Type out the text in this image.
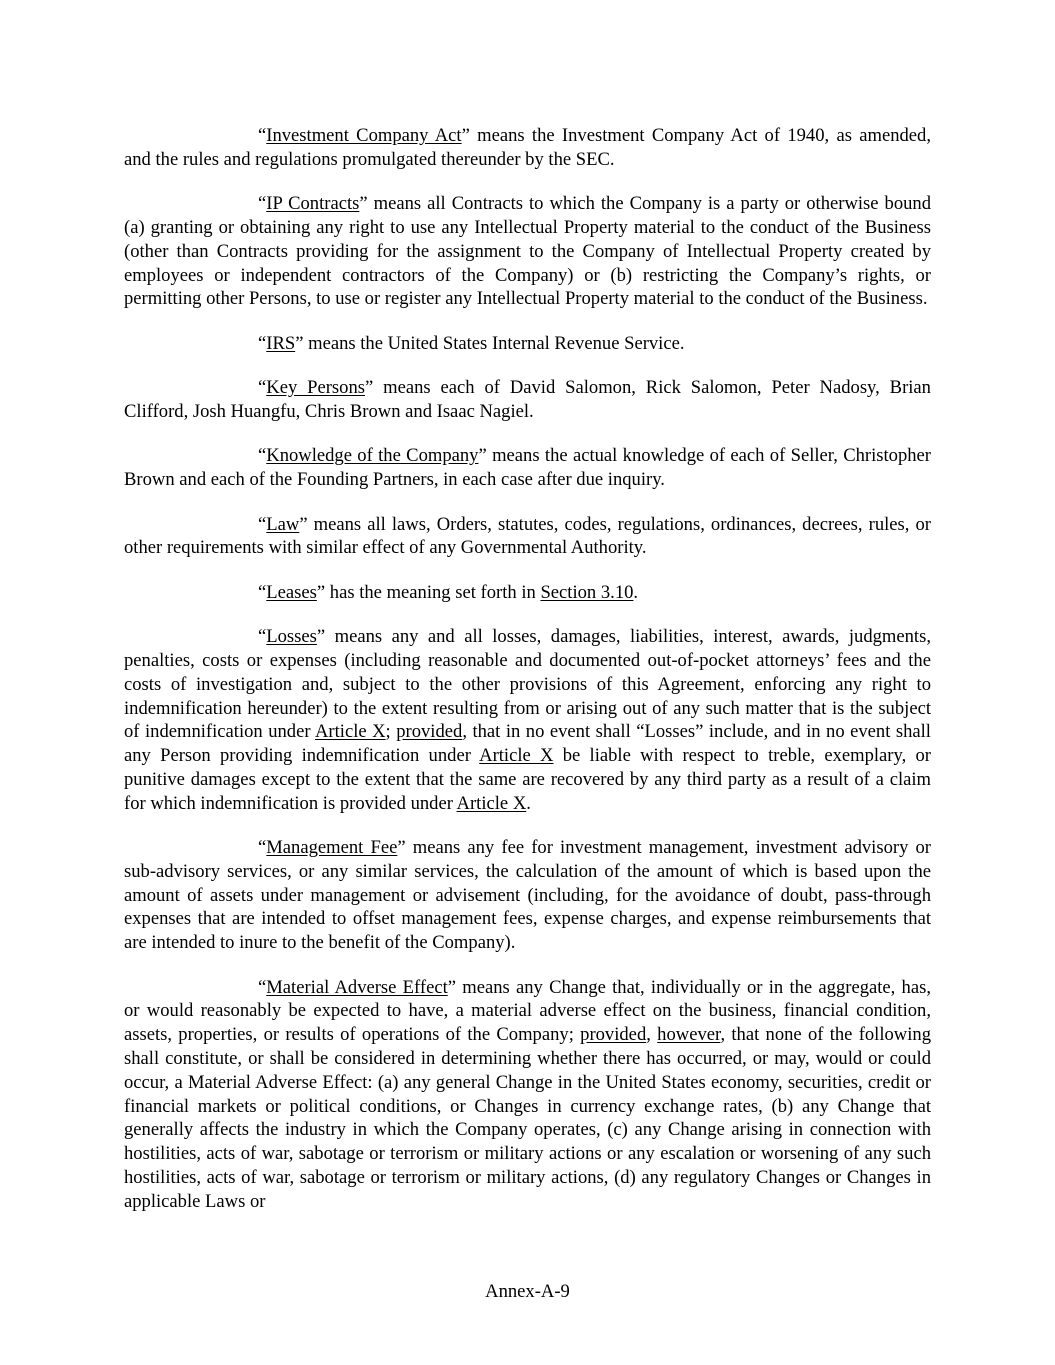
“Investment Company Act” means the Investment Company Act of 1940, as amended, and the rules and regulations promulgated thereunder by the SEC.

“IP Contracts” means all Contracts to which the Company is a party or otherwise bound (a) granting or obtaining any right to use any Intellectual Property material to the conduct of the Business (other than Contracts providing for the assignment to the Company of Intellectual Property created by employees or independent contractors of the Company) or (b) restricting the Company’s rights, or permitting other Persons, to use or register any Intellectual Property material to the conduct of the Business.

“IRS” means the United States Internal Revenue Service.

“Key Persons” means each of David Salomon, Rick Salomon, Peter Nadosy, Brian Clifford, Josh Huangfu, Chris Brown and Isaac Nagiel.

“Knowledge of the Company” means the actual knowledge of each of Seller, Christopher Brown and each of the Founding Partners, in each case after due inquiry.

“Law” means all laws, Orders, statutes, codes, regulations, ordinances, decrees, rules, or other requirements with similar effect of any Governmental Authority.

“Leases” has the meaning set forth in Section 3.10.

“Losses” means any and all losses, damages, liabilities, interest, awards, judgments, penalties, costs or expenses (including reasonable and documented out-of-pocket attorneys’ fees and the costs of investigation and, subject to the other provisions of this Agreement, enforcing any right to indemnification hereunder) to the extent resulting from or arising out of any such matter that is the subject of indemnification under Article X; provided, that in no event shall “Losses” include, and in no event shall any Person providing indemnification under Article X be liable with respect to treble, exemplary, or punitive damages except to the extent that the same are recovered by any third party as a result of a claim for which indemnification is provided under Article X.

“Management Fee” means any fee for investment management, investment advisory or sub-advisory services, or any similar services, the calculation of the amount of which is based upon the amount of assets under management or advisement (including, for the avoidance of doubt, pass-through expenses that are intended to offset management fees, expense charges, and expense reimbursements that are intended to inure to the benefit of the Company).

“Material Adverse Effect” means any Change that, individually or in the aggregate, has, or would reasonably be expected to have, a material adverse effect on the business, financial condition, assets, properties, or results of operations of the Company; provided, however, that none of the following shall constitute, or shall be considered in determining whether there has occurred, or may, would or could occur, a Material Adverse Effect: (a) any general Change in the United States economy, securities, credit or financial markets or political conditions, or Changes in currency exchange rates, (b) any Change that generally affects the industry in which the Company operates, (c) any Change arising in connection with hostilities, acts of war, sabotage or terrorism or military actions or any escalation or worsening of any such hostilities, acts of war, sabotage or terrorism or military actions, (d) any regulatory Changes or Changes in applicable Laws or

Annex-A-9
